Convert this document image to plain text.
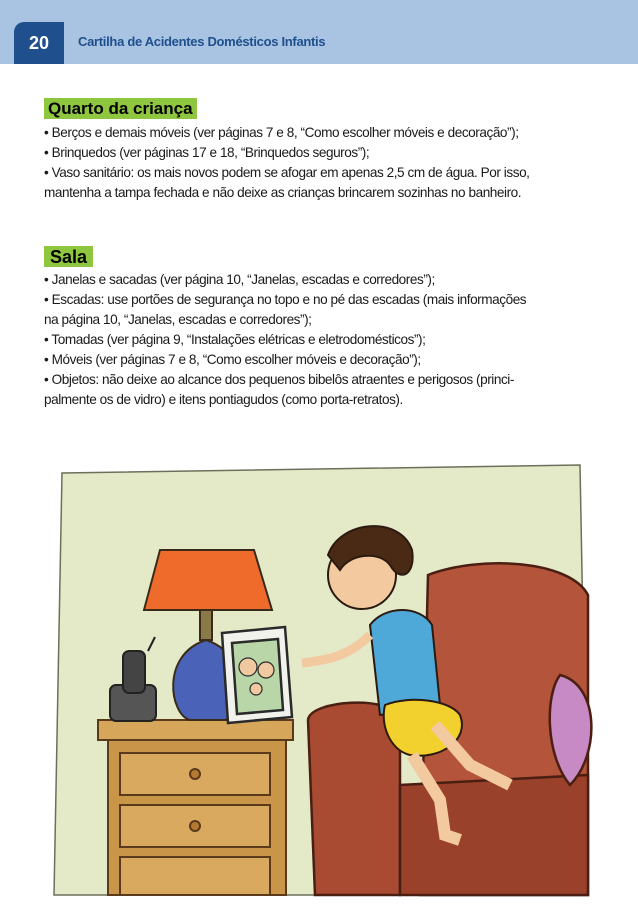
20	Cartilha de Acidentes Domésticos Infantis
Quarto da criança
• Berços e demais móveis (ver páginas 7 e 8, “Como escolher móveis e decoração”);
• Brinquedos (ver páginas 17 e 18, “Brinquedos seguros”);
• Vaso sanitário: os mais novos podem se afogar em apenas 2,5 cm de água. Por isso,
mantenha a tampa fechada e não deixe as crianças brincarem sozinhas no banheiro.
Sala
• Janelas e sacadas (ver página 10, “Janelas, escadas e corredores”);
• Escadas: use portões de segurança no topo e no pé das escadas (mais informações
na página 10, “Janelas, escadas e corredores”);
• Tomadas (ver página 9, “Instalações elétricas e eletrodomésticos”);
• Móveis (ver páginas 7 e 8, “Como escolher móveis e decoração”);
• Objetos: não deixe ao alcance dos pequenos bibelôs atraentes e perigosos (princi-
palmente os de vidro) e itens pontiagudos (como porta-retratos).
